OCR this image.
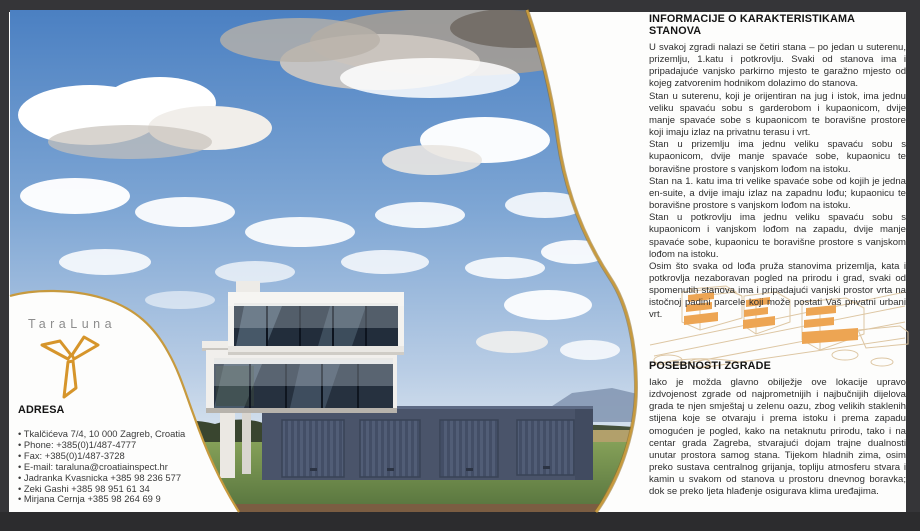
TaraLuna
ADRESA
• Tkalčićeva 7/4, 10 000 Zagreb, Croatia
• Phone: +385(0)1/487-4777
• Fax: +385(0)1/487-3728
• E-mail: taraluna@croatiainspect.hr
• Jadranka Kvasnicka +385 98 236 577
• Zeki Gashi +385 98 951 61 34
• Mirjana Cernja +385 98 264 69 9
INFORMACIJE O KARAKTERISTIKAMA STANOVA

U svakoj zgradi nalazi se četiri stana – po jedan u suterenu, prizemlju, 1.katu i potkrovlju. Svaki od stanova ima i pripadajuće vanjsko parkirno mjesto te garažno mjesto od kojeg zatvorenim hodnikom dolazimo do stanova.

Stan u suterenu, koji je orijentiran na jug i istok, ima jednu veliku spavaću sobu s garderobom i kupaonicom, dvije manje spavaće sobe s kupaonicom te boravišne prostore koji imaju izlaz na privatnu terasu i vrt.

Stan u prizemlju ima jednu veliku spavaću sobu s kupaonicom, dvije manje spavaće sobe, kupaonicu te boravišne prostore s vanjskom lođom na istoku.

Stan na 1. katu ima tri velike spavaće sobe od kojih je jedna en-suite, a dvije imaju izlaz na zapadnu lođu; kupaonicu te boravišne prostore s vanjskom lođom na istoku.

Stan u potkrovlju ima jednu veliku spavaću sobu s kupaonicom i vanjskom lođom na zapadu, dvije manje spavaće sobe, kupaonicu te boravišne prostore s vanjskom lođom na istoku.

Osim što svaka od lođa pruža stanovima prizemlja, kata i potkrovlja nezaboravan pogled na prirodu i grad, svaki od spomenutih stanova ima i pripadajući vanjski prostor vrta na istočnoj padini parcele koji može postati Vaš privatni urbani vrt.

POSEBNOSTI ZGRADE

Iako je možda glavno obilježje ove lokacije upravo izdvojenost zgrade od najprometnijih i najbučnijih dijelova grada te njen smještaj u zelenu oazu, zbog velikih staklenih stijena koje se otvaraju i prema istoku i prema zapadu omogućen je pogled, kako na netaknutu prirodu, tako i na centar grada Zagreba, stvarajući dojam trajne dualnosti unutar prostora samog stana. Tijekom hladnih zima, osim preko sustava centralnog grijanja, topliju atmosferu stvara i kamin u svakom od stanova u prostoru dnevnog boravka; dok se preko ljeta hlađenje osigurava klima uređajima.
